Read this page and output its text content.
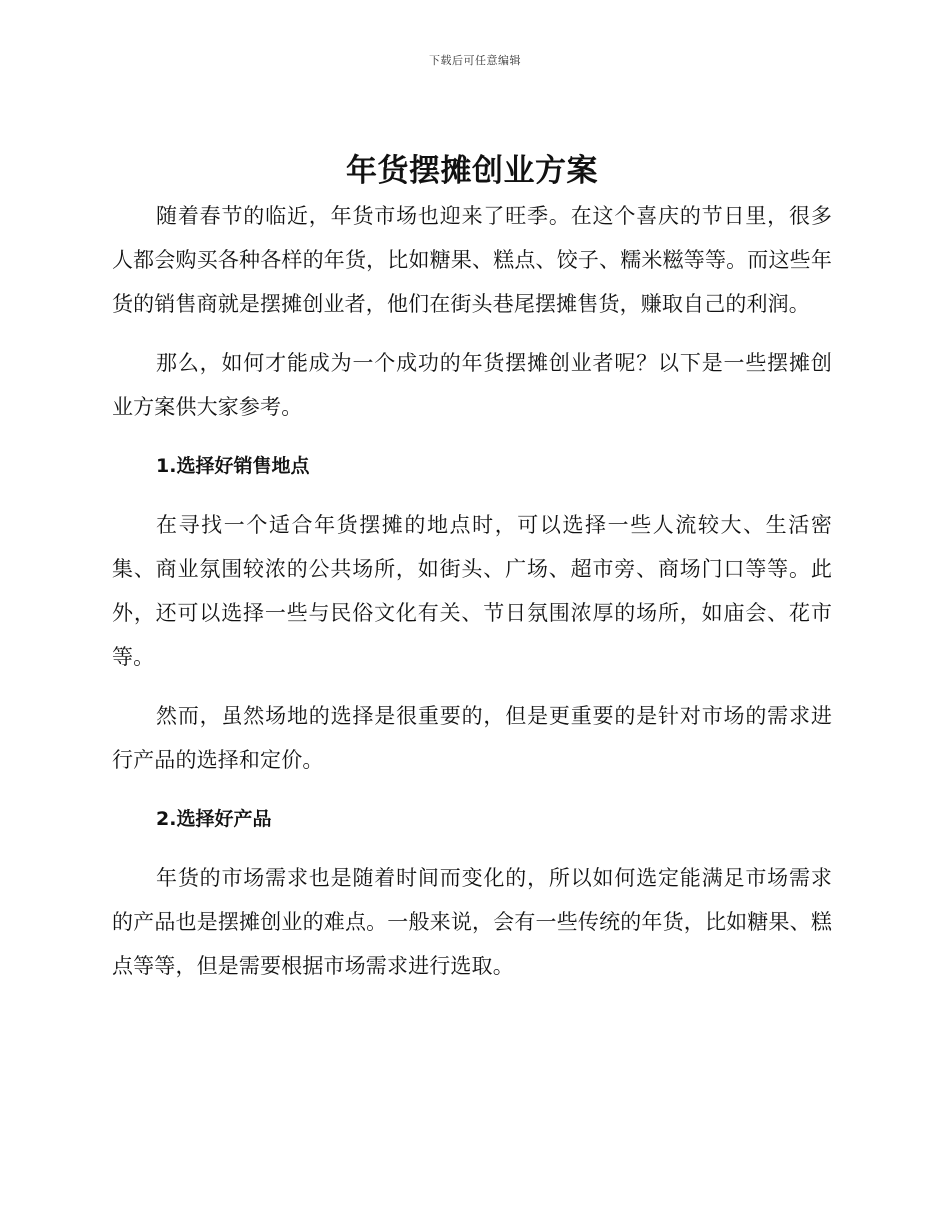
下载后可任意编辑
年货摆摊创业方案

随着春节的临近，年货市场也迎来了旺季。在这个喜庆的节日里，很多人都会购买各种各样的年货，比如糖果、糕点、饺子、糯米糍等等。而这些年货的销售商就是摆摊创业者，他们在街头巷尾摆摊售货，赚取自己的利润。

那么，如何才能成为一个成功的年货摆摊创业者呢？以下是一些摆摊创业方案供大家参考。

1.选择好销售地点

在寻找一个适合年货摆摊的地点时，可以选择一些人流较大、生活密集、商业氛围较浓的公共场所，如街头、广场、超市旁、商场门口等等。此外，还可以选择一些与民俗文化有关、节日氛围浓厚的场所，如庙会、花市等。

然而，虽然场地的选择是很重要的，但是更重要的是针对市场的需求进行产品的选择和定价。

2.选择好产品

年货的市场需求也是随着时间而变化的，所以如何选定能满足市场需求的产品也是摆摊创业的难点。一般来说，会有一些传统的年货，比如糖果、糕点等等，但是需要根据市场需求进行选取。
